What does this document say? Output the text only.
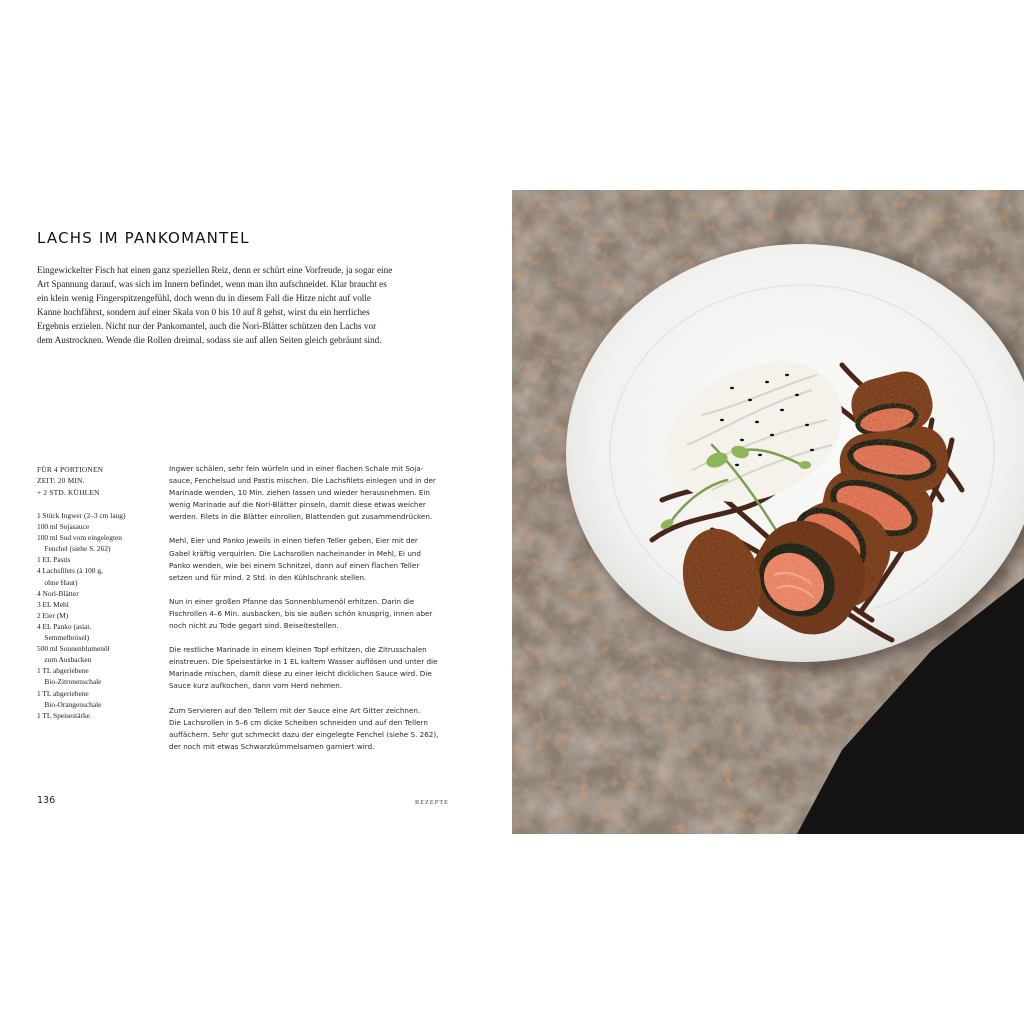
LACHS IM PANKOMANTEL

Eingewickelter Fisch hat einen ganz speziellen Reiz, denn er schürt eine Vorfreude, ja sogar eine Art Spannung darauf, was sich im Innern befindet, wenn man ihn aufschneidet. Klar braucht es ein klein wenig Fingerspitzengefühl, doch wenn du in diesem Fall die Hitze nicht auf volle Kanne hochfährst, sondern auf einer Skala von 0 bis 10 auf 8 gehst, wirst du ein herrliches Ergebnis erzielen. Nicht nur der Pankomantel, auch die Nori-Blätter schützen den Lachs vor dem Austrocknen. Wende die Rollen dreimal, sodass sie auf allen Seiten gleich gebräunt sind.

FÜR 4 PORTIONEN
ZEIT: 20 MIN.
+ 2 STD. KÜHLEN
1 Stück Ingwer (2–3 cm lang)
100 ml Sojasauce
100 ml Sud vom eingelegten
Fenchel (siehe S. 262)
1 EL Pastis
4 Lachsfilets (à 100 g,
ohne Haut)
4 Nori-Blätter
3 EL Mehl
2 Eier (M)
4 EL Panko (asiat.
Semmelbrösel)
500 ml Sonnenblumenöl
zum Ausbacken
1 TL abgeriebene
Bio-Zitronenschale
1 TL abgeriebene
Bio-Orangenschale
1 TL Speisestärke

Ingwer schälen, sehr fein würfeln und in einer flachen Schale mit Soja-
sauce, Fenchelsud und Pastis mischen. Die Lachsfilets einlegen und in der
Marinade wenden, 10 Min. ziehen lassen und wieder herausnehmen. Ein
wenig Marinade auf die Nori-Blätter pinseln, damit diese etwas weicher
werden. Filets in die Blätter einrollen, Blattenden gut zusammendrücken.

Mehl, Eier und Panko jeweils in einen tiefen Teller geben, Eier mit der
Gabel kräftig verquirlen. Die Lachsrollen nacheinander in Mehl, Ei und
Panko wenden, wie bei einem Schnitzel, dann auf einen flachen Teller
setzen und für mind. 2 Std. in den Kühlschrank stellen.

Nun in einer großen Pfanne das Sonnenblumenöl erhitzen. Darin die
Fischrollen 4–6 Min. ausbacken, bis sie außen schön knusprig, innen aber
noch nicht zu Tode gegart sind. Beiseitestellen.

Die restliche Marinade in einem kleinen Topf erhitzen, die Zitrusschalen
einstreuen. Die Speisestärke in 1 EL kaltem Wasser auflösen und unter die
Marinade mischen, damit diese zu einer leicht dicklichen Sauce wird. Die
Sauce kurz aufkochen, dann vom Herd nehmen.

Zum Servieren auf den Tellern mit der Sauce eine Art Gitter zeichnen.
Die Lachsrollen in 5–6 cm dicke Scheiben schneiden und auf den Tellern
auffächern. Sehr gut schmeckt dazu der eingelegte Fenchel (siehe S. 262),
der noch mit etwas Schwarzkümmelsamen garniert wird.

136	REZEPTE
